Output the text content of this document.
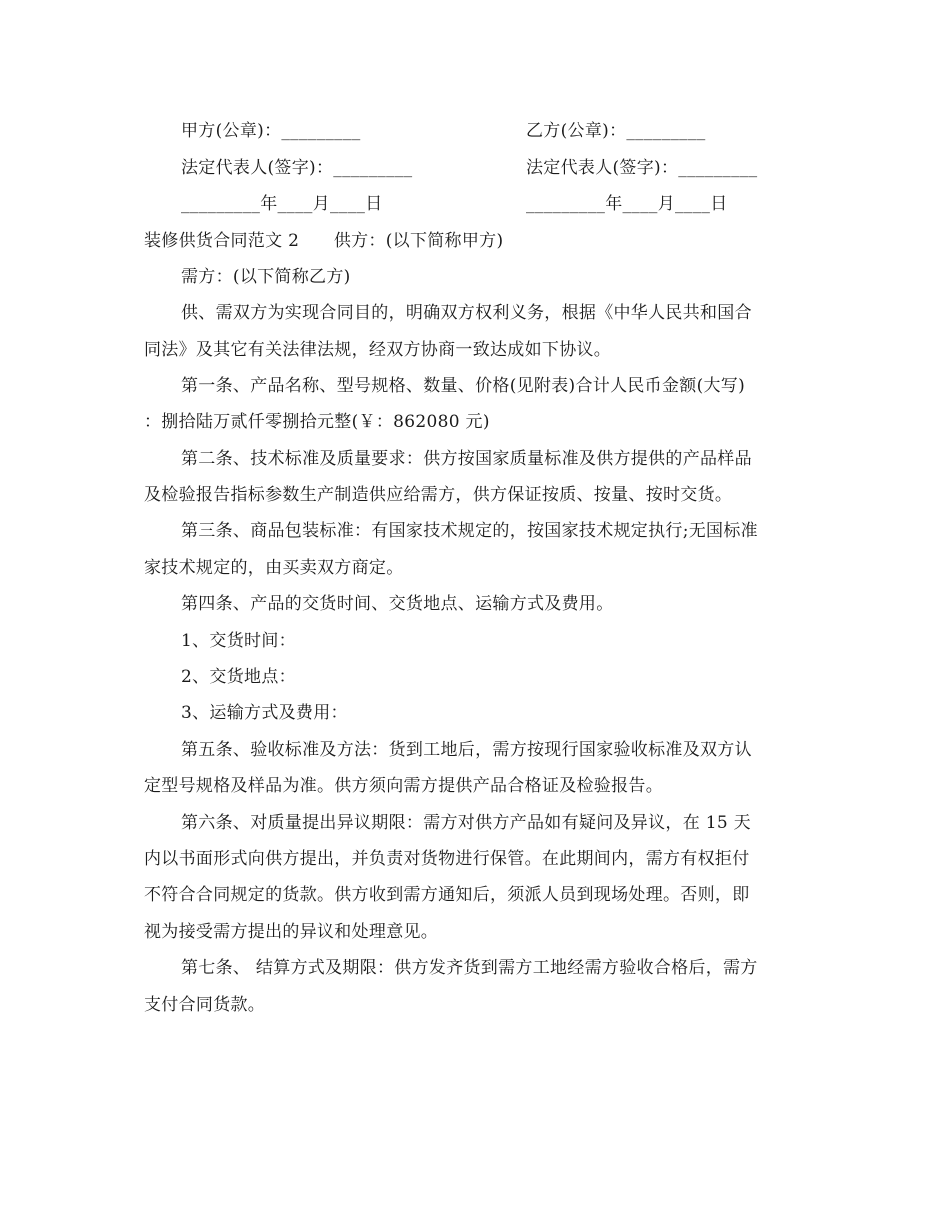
甲方(公章)：_________	乙方(公章)：_________
法定代表人(签字)：_________	法定代表人(签字)：_________
_________年____月____日	_________年____月____日
装修供货合同范文 2　　供方：(以下简称甲方)
需方：(以下简称乙方)
供、需双方为实现合同目的，明确双方权利义务，根据《中华人民共和国合
同法》及其它有关法律法规，经双方协商一致达成如下协议。
第一条、产品名称、型号规格、数量、价格(见附表)合计人民币金额(大写)
：捌拾陆万贰仟零捌拾元整(￥：862080 元)
第二条、技术标准及质量要求：供方按国家质量标准及供方提供的产品样品
及检验报告指标参数生产制造供应给需方，供方保证按质、按量、按时交货。
第三条、商品包装标准：有国家技术规定的，按国家技术规定执行;无国标准
家技术规定的，由买卖双方商定。
第四条、产品的交货时间、交货地点、运输方式及费用。
1、交货时间：
2、交货地点：
3、运输方式及费用：
第五条、验收标准及方法：货到工地后，需方按现行国家验收标准及双方认
定型号规格及样品为准。供方须向需方提供产品合格证及检验报告。
第六条、对质量提出异议期限：需方对供方产品如有疑问及异议，在 15 天
内以书面形式向供方提出，并负责对货物进行保管。在此期间内，需方有权拒付
不符合合同规定的货款。供方收到需方通知后，须派人员到现场处理。否则，即
视为接受需方提出的异议和处理意见。
第七条、 结算方式及期限：供方发齐货到需方工地经需方验收合格后，需方
支付合同货款。
